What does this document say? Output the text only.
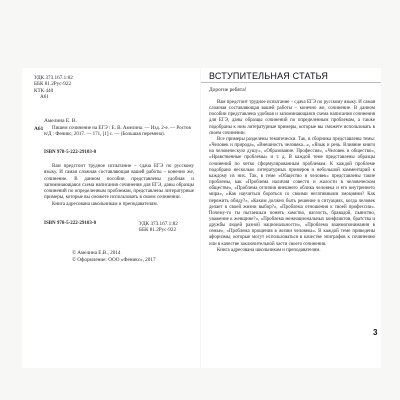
УДК 373.167.1:82
ББК 81.2Рус-922
КТК 440
А61
Амелина Е. В.
А61	Пишем сочинение на ЕГЭ / Е. В. Амелина. — Изд. 2-е. — Ростов н/Д : Феникс, 2017. — 171, [1] с. — (Большая перемена).
ISBN 978-5-222-29103-0
Вам предстоит трудное испытание – сдача ЕГЭ по русскому языку. И самая сложная составляющая вашей работы – конечно же, сочинение. В данном пособии представлены удобная и запоминающаяся схема написания сочинения для ЕГЭ, даны образцы сочинений по определенным проблемам, представлены литературные примеры, которые вы сможете использовать в своем сочинении.
Книга адресована школьникам и преподавателям.
ISBN 978-5-222-29103-0	УДК 373.167.1:82
ББК 81.2Рус-922
© Амелина Е.В., 2014
© Оформление: ООО «Феникс», 2017
ВСТУПИТЕЛЬНАЯ СТАТЬЯ
Дорогие ребята!

Вам предстоит трудное испытание – сдача ЕГЭ по русскому языку. И самая сложная составляющая вашей работы – конечно же, сочинение. В данном пособии представлена удобная и запоминающаяся схема написания сочинения для ЕГЭ, даны образцы сочинений по определенным проблемам, а также подобраны к ним литературные примеры, которые вы сможете использовать в своем сочинении.

Все примеры разделены тематически. Так, в сборника представлены темы: «Человек и природа», «Внешность человека...», «Язык и речь. Влияние книги на человеческую душу», «Образование. Профессия», «Человек и общество», «Нравственные проблемы» и т. д. В каждой теме представлены образцы сочинений по четко сформулированным проблемам. К каждой проблеме подобрано несколько литературных примеров и небольшой комментарий к каждому из них. Так, в теме «Общество и человек» представлены такие проблемы, как «Проблема наличия совести и жалости в человеческом обществе», «Проблема отличия внешнего облика человека и его внутреннего мира», «Как научиться бороться со своими негативными эмоциями? Как пережить обиду?», «Каким должно быть решение в ситуациях, когда человек делает в своей жизни выбор?», «Проблема отношения к своей профессии». Почему-то ты пытаешься понять хамство, наглость, бравадой, пьянство, уважение к женщине?», «Проблема межнациональных конфликтов, братства и дружбы людей разной национальности», «Проблема взаимопонимания в семье», «Проблема прощения в жизни человека». В каждой теме приведены афоризмы, которые могут использоваться в качестве эпиграфов к сочинению или в качестве заключительной части своего сочинения.

Книга адресована школьникам и преподавателям.

3
